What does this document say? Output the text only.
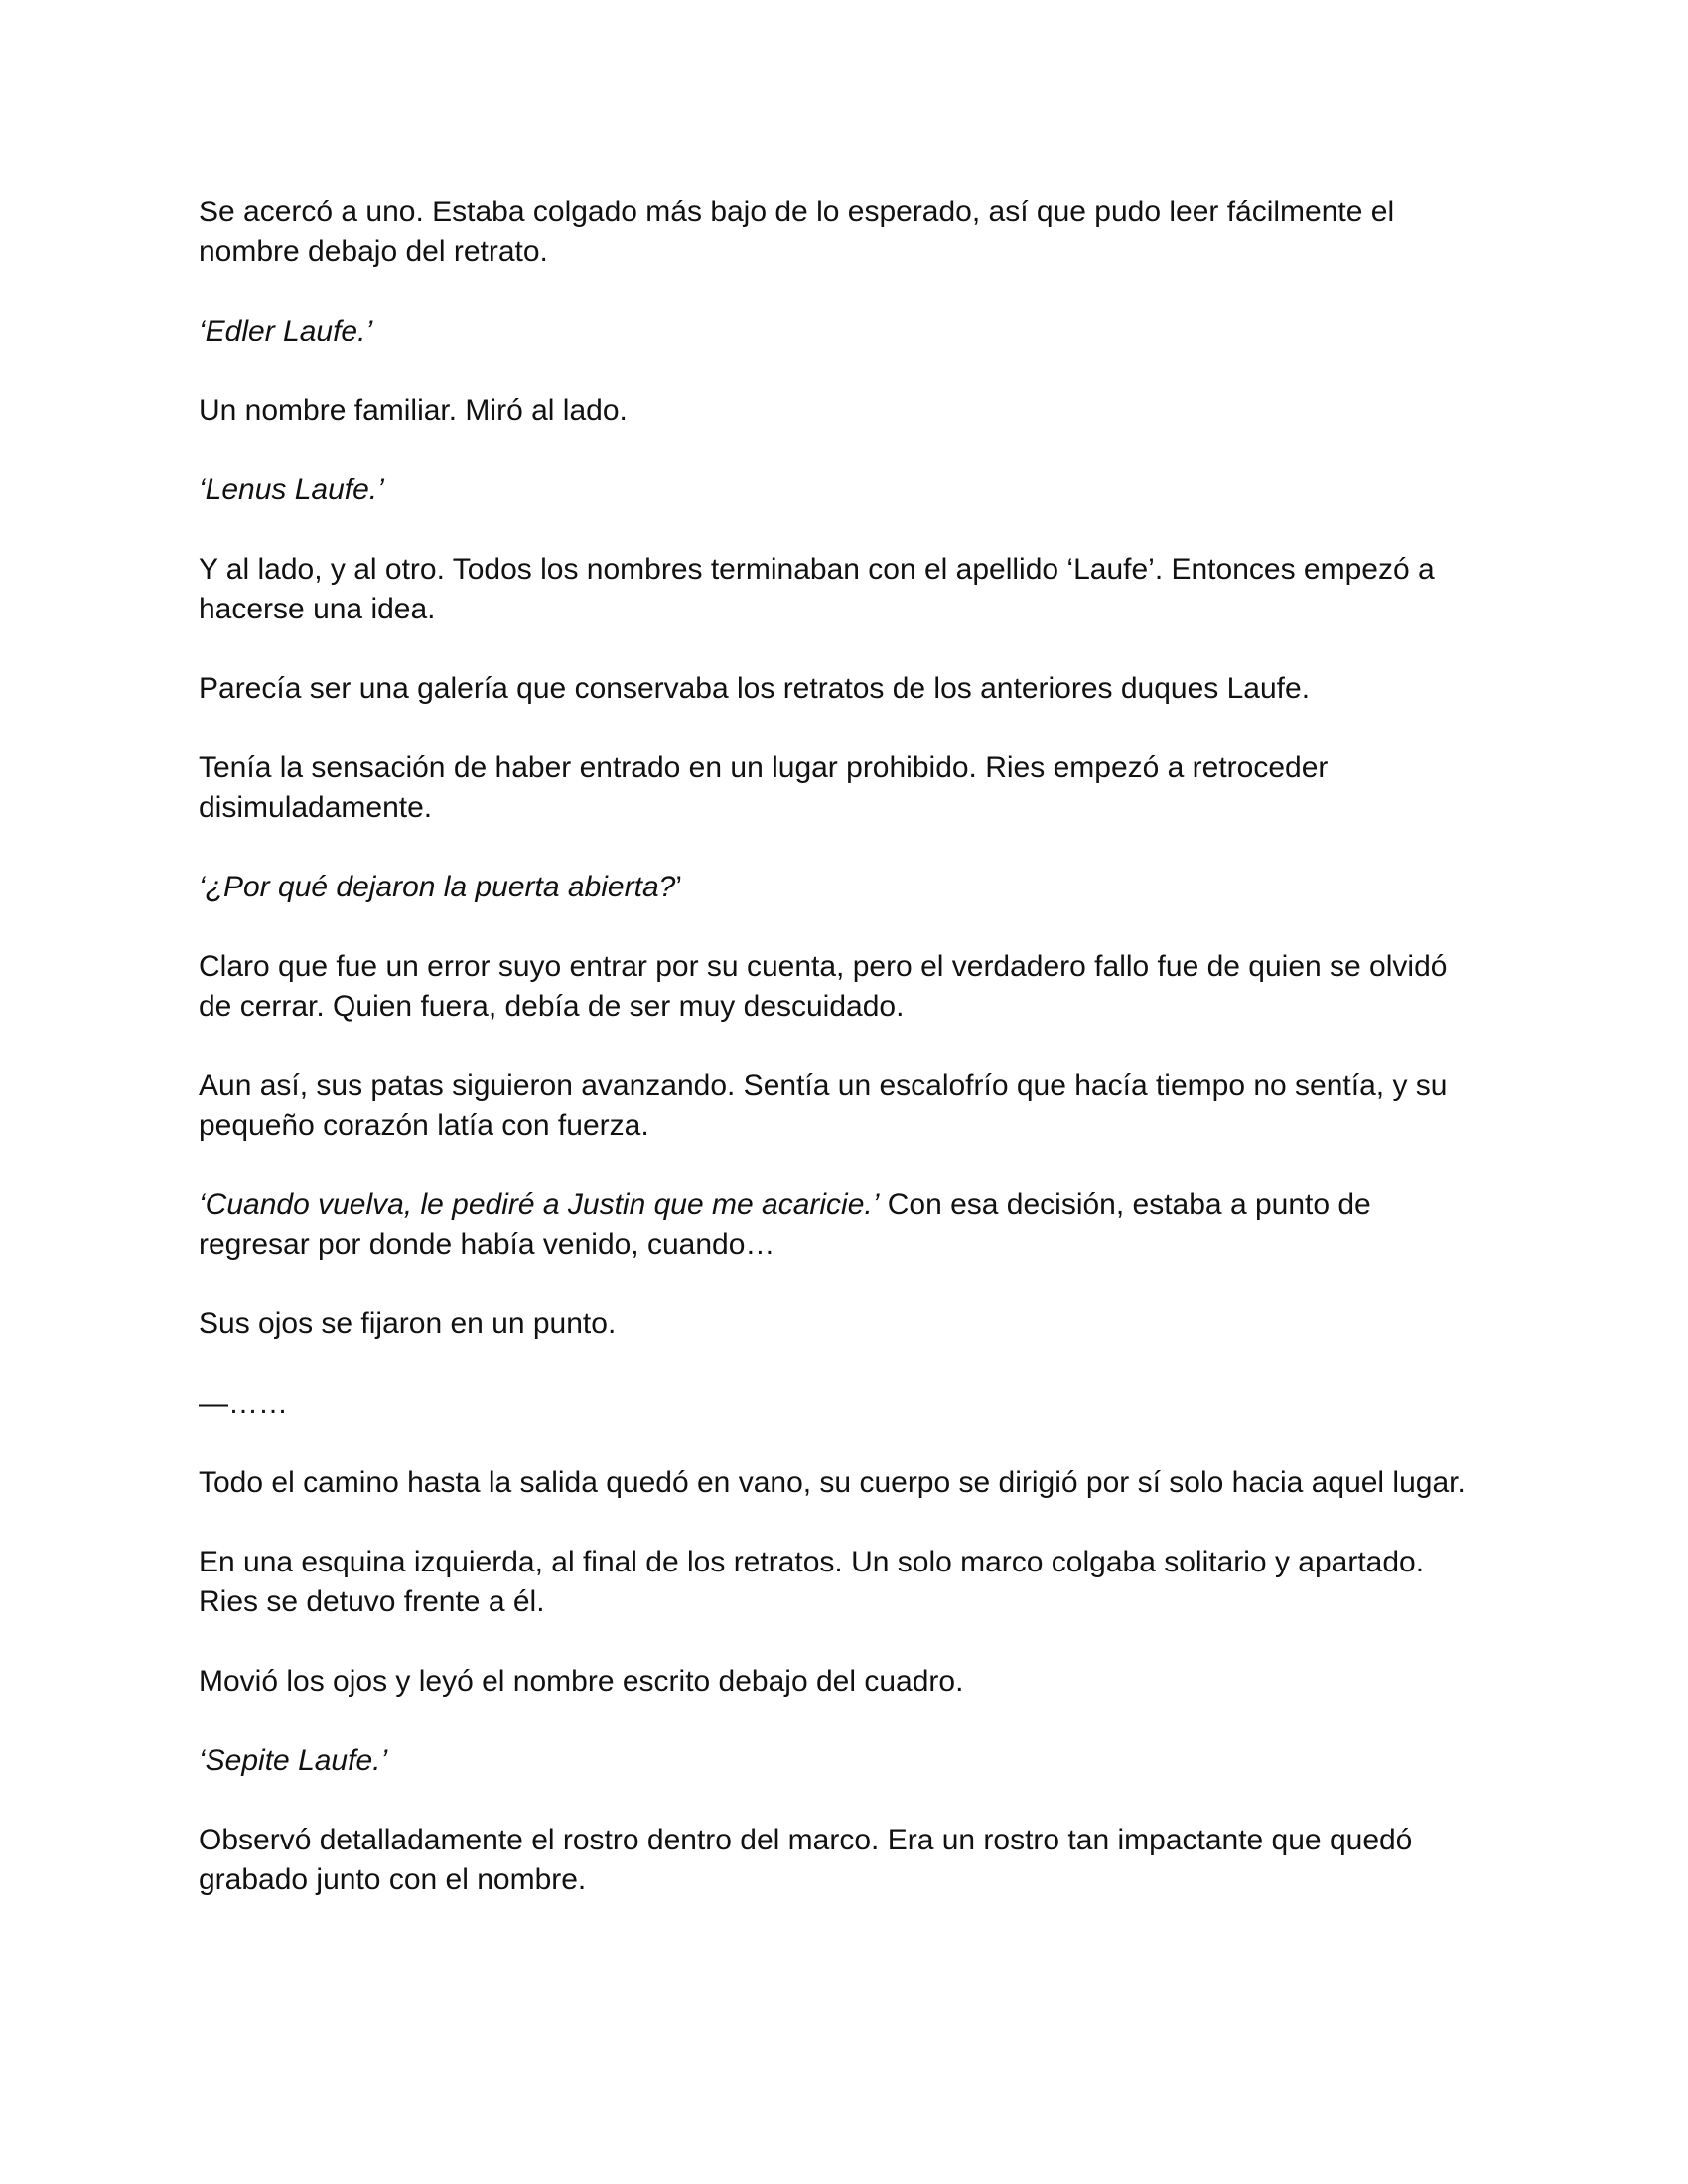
Se acercó a uno. Estaba colgado más bajo de lo esperado, así que pudo leer fácilmente el nombre debajo del retrato.

‘Edler Laufe.’

Un nombre familiar. Miró al lado.

‘Lenus Laufe.’

Y al lado, y al otro. Todos los nombres terminaban con el apellido ‘Laufe’. Entonces empezó a hacerse una idea.

Parecía ser una galería que conservaba los retratos de los anteriores duques Laufe.

Tenía la sensación de haber entrado en un lugar prohibido. Ries empezó a retroceder disimuladamente.

‘¿Por qué dejaron la puerta abierta?’

Claro que fue un error suyo entrar por su cuenta, pero el verdadero fallo fue de quien se olvidó de cerrar. Quien fuera, debía de ser muy descuidado.

Aun así, sus patas siguieron avanzando. Sentía un escalofrío que hacía tiempo no sentía, y su pequeño corazón latía con fuerza.

‘Cuando vuelva, le pediré a Justin que me acaricie.’ Con esa decisión, estaba a punto de regresar por donde había venido, cuando…

Sus ojos se fijaron en un punto.

—……

Todo el camino hasta la salida quedó en vano, su cuerpo se dirigió por sí solo hacia aquel lugar.

En una esquina izquierda, al final de los retratos. Un solo marco colgaba solitario y apartado. Ries se detuvo frente a él.

Movió los ojos y leyó el nombre escrito debajo del cuadro.

‘Sepite Laufe.’

Observó detalladamente el rostro dentro del marco. Era un rostro tan impactante que quedó grabado junto con el nombre.
